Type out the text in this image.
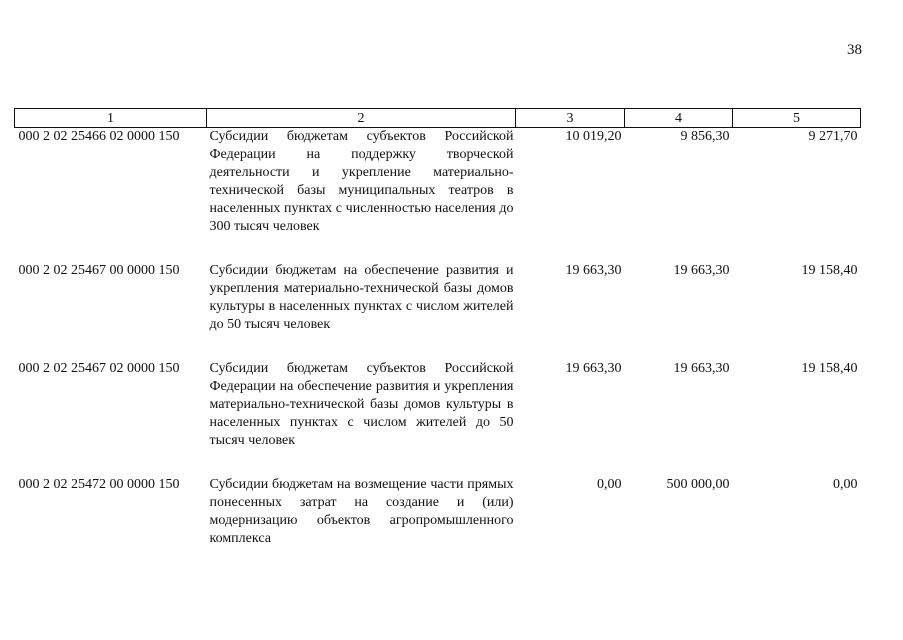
38
1	2	3	4	5
000 2 02 25466 02 0000 150	Субсидии бюджетам субъектов Российской Федерации на поддержку творческой деятельности и укрепление материально-технической базы муниципальных театров в населенных пунктах с численностью населения до 300 тысяч человек	10 019,20	9 856,30	9 271,70
000 2 02 25467 00 0000 150	Субсидии бюджетам на обеспечение развития и укрепления материально-технической базы домов культуры в населенных пунктах с числом жителей до 50 тысяч человек	19 663,30	19 663,30	19 158,40
000 2 02 25467 02 0000 150	Субсидии бюджетам субъектов Российской Федерации на обеспечение развития и укрепления материально-технической базы домов культуры в населенных пунктах с числом жителей до 50 тысяч человек	19 663,30	19 663,30	19 158,40
000 2 02 25472 00 0000 150	Субсидии бюджетам на возмещение части прямых понесенных затрат на создание и (или) модернизацию объектов агропромышленного комплекса	0,00	500 000,00	0,00
